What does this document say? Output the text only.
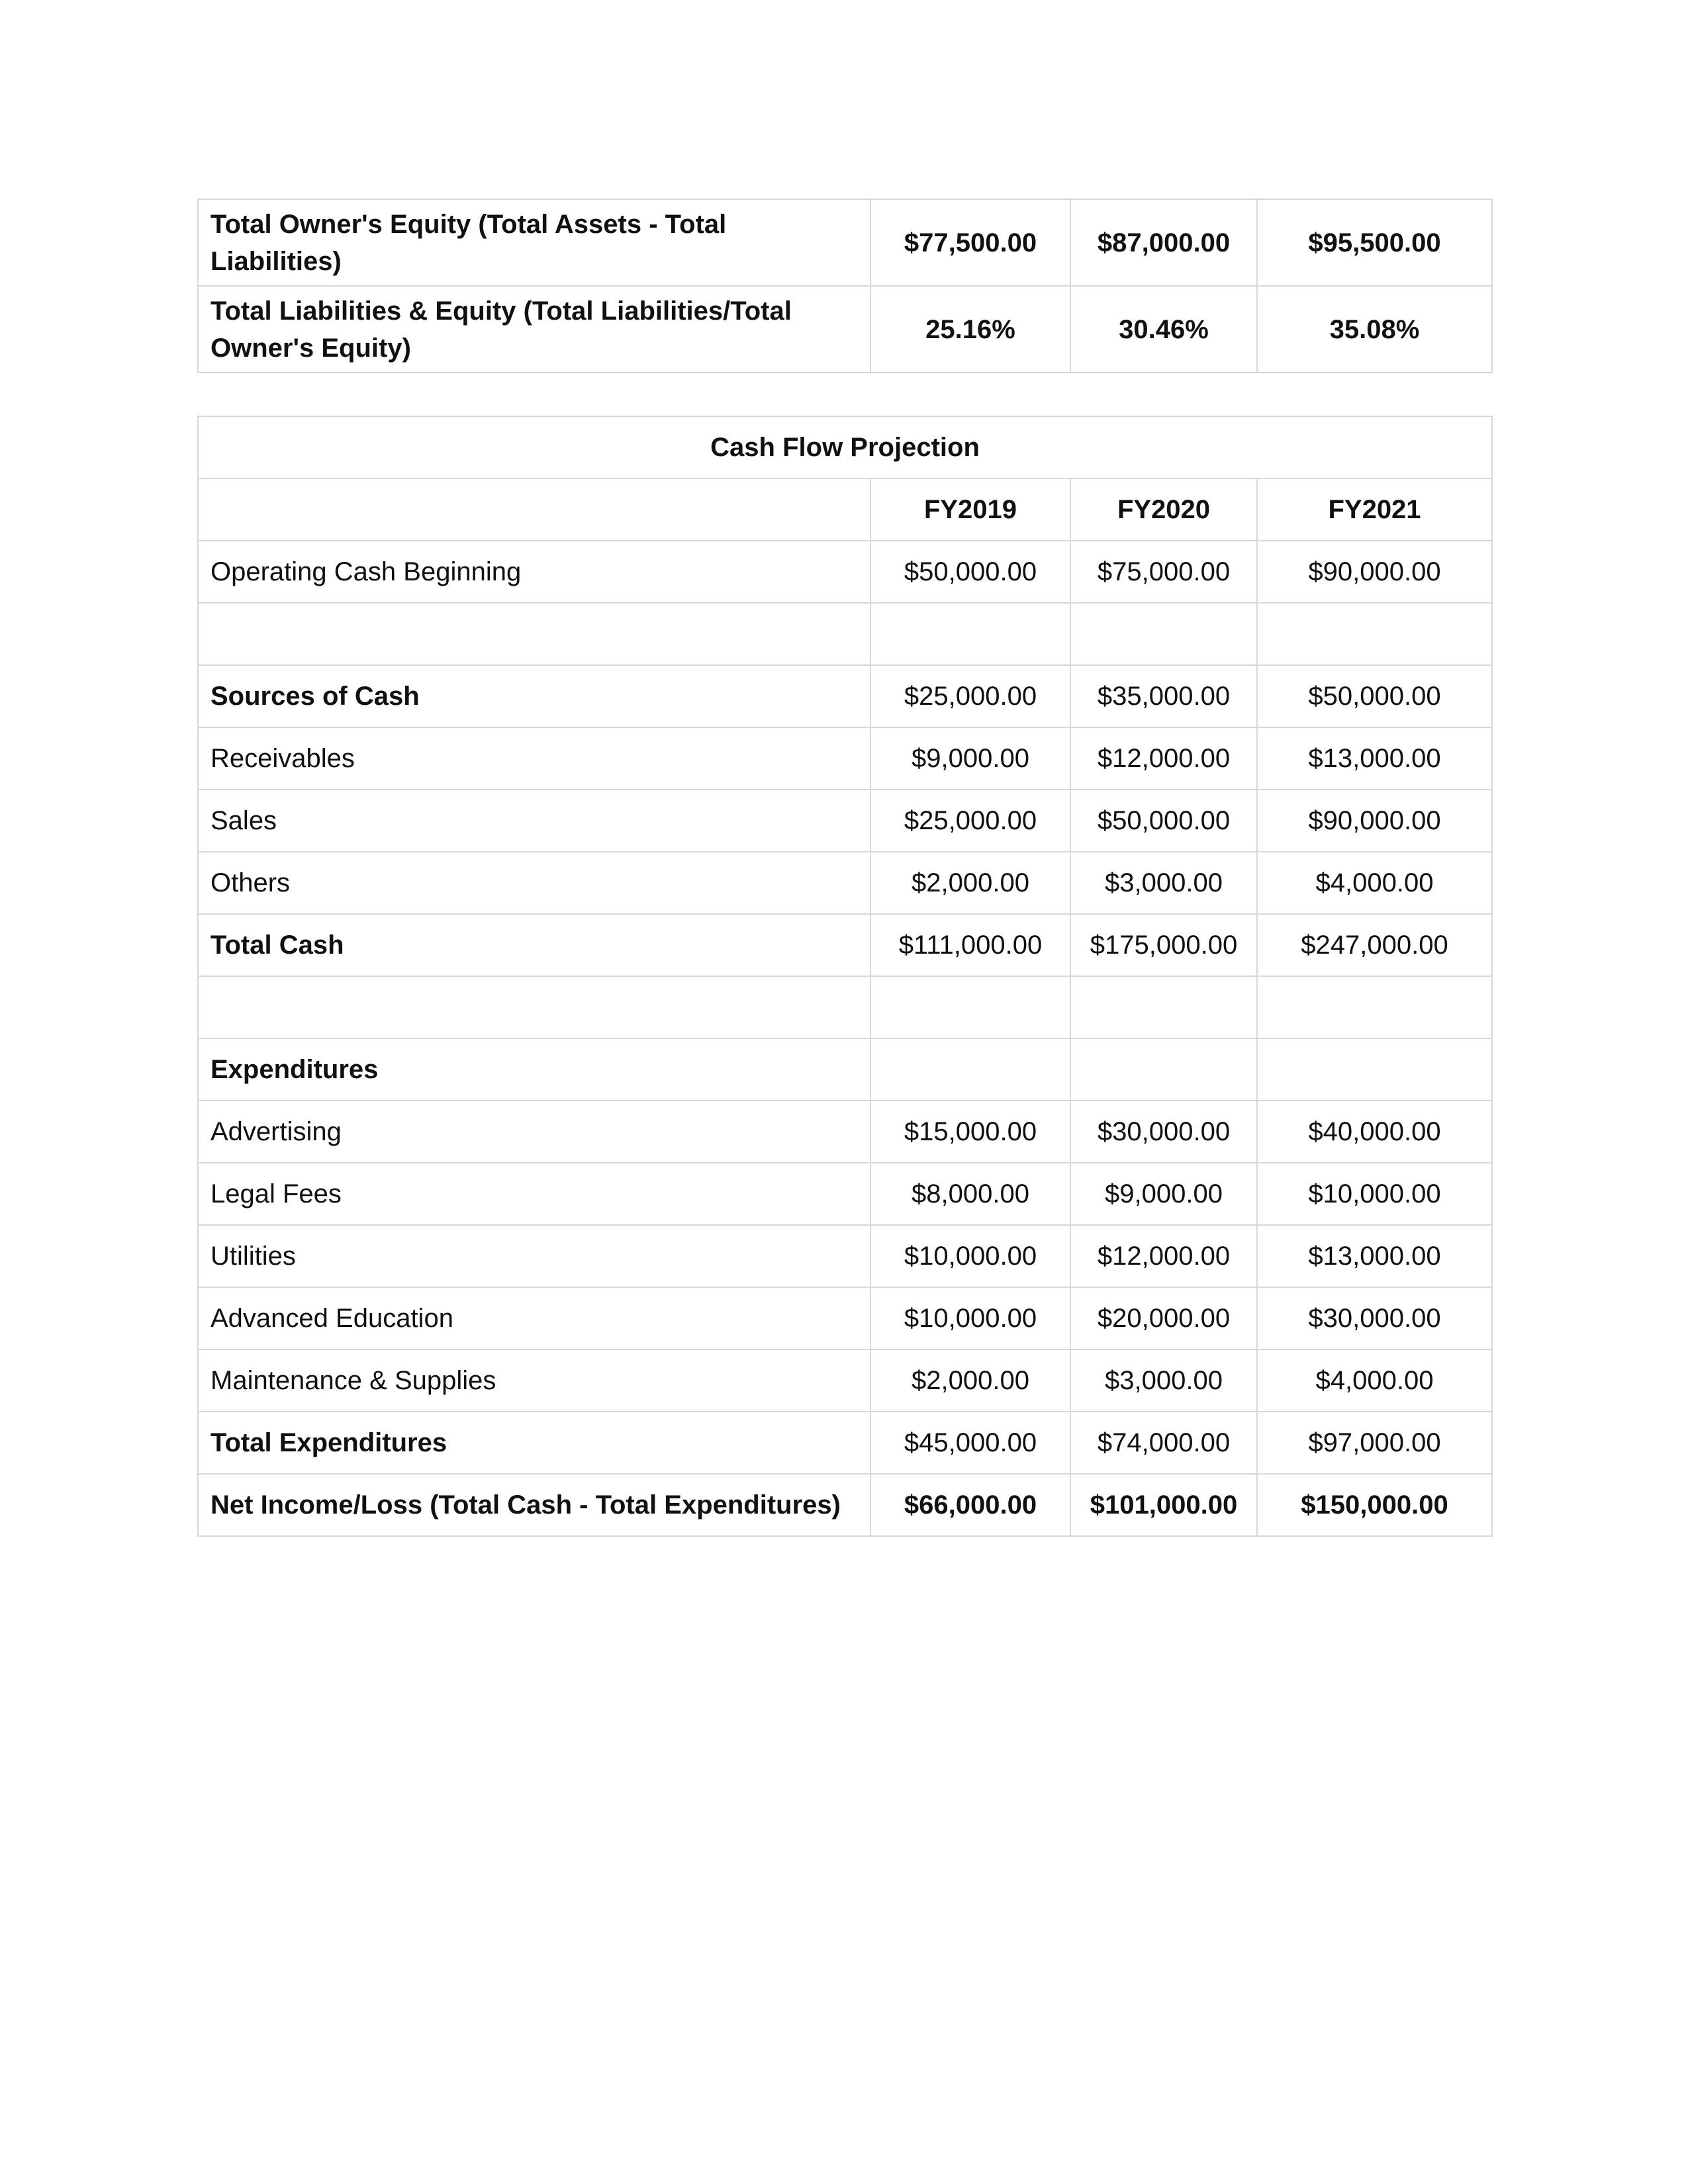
Total Owner's Equity (Total Assets - Total Liabilities)	$77,500.00	$87,000.00	$95,500.00
Total Liabilities & Equity (Total Liabilities/Total Owner's Equity)	25.16%	30.46%	35.08%
Cash Flow Projection			
	FY2019	FY2020	FY2021
Operating Cash Beginning	$50,000.00	$75,000.00	$90,000.00

Sources of Cash	$25,000.00	$35,000.00	$50,000.00
Receivables	$9,000.00	$12,000.00	$13,000.00
Sales	$25,000.00	$50,000.00	$90,000.00
Others	$2,000.00	$3,000.00	$4,000.00
Total Cash	$111,000.00	$175,000.00	$247,000.00

Expenditures			
Advertising	$15,000.00	$30,000.00	$40,000.00
Legal Fees	$8,000.00	$9,000.00	$10,000.00
Utilities	$10,000.00	$12,000.00	$13,000.00
Advanced Education	$10,000.00	$20,000.00	$30,000.00
Maintenance & Supplies	$2,000.00	$3,000.00	$4,000.00
Total Expenditures	$45,000.00	$74,000.00	$97,000.00
Net Income/Loss (Total Cash - Total Expenditures)	$66,000.00	$101,000.00	$150,000.00
